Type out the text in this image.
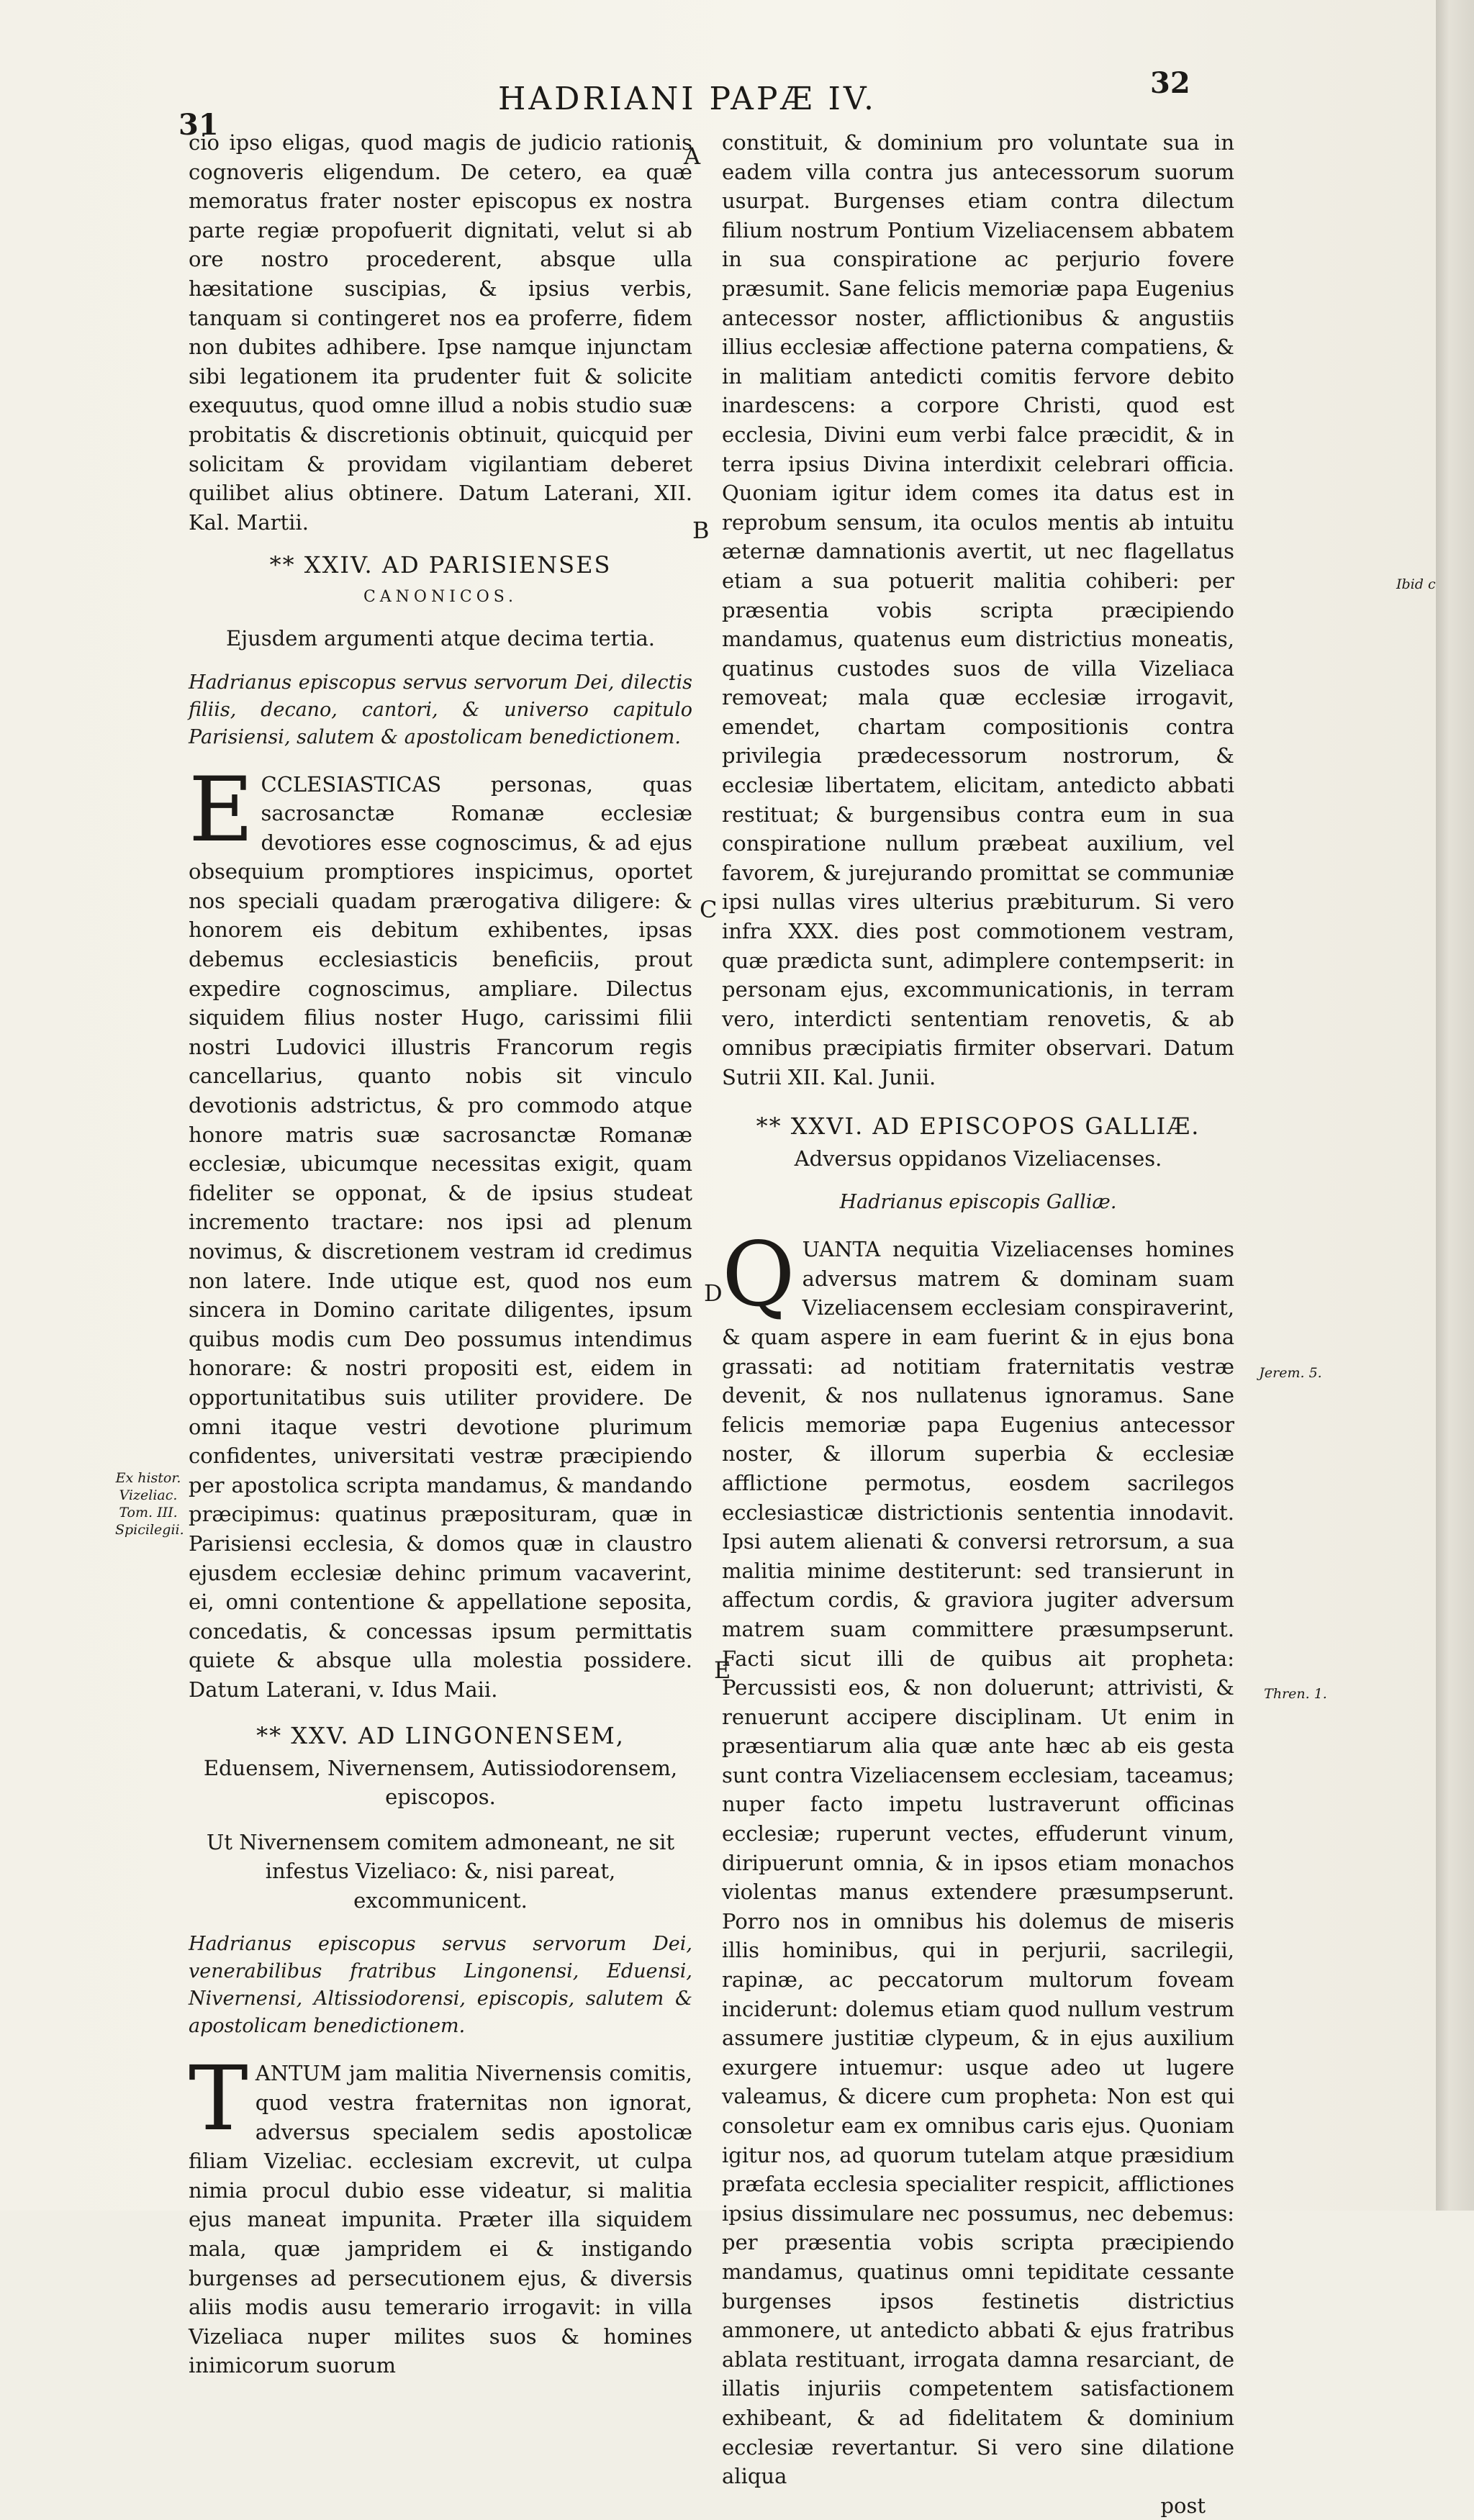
HADRIANI PAPÆ IV.
31
32
A
B
C
D
E
Ex histor. Vizeliac. Tom. III. Spicilegii.
Ibid c
Jerem. 5.
Thren. 1.

cio ipso eligas, quod magis de judicio rationis cognoveris eligendum. De cetero, ea quæ memoratus frater noster episcopus ex nostra parte regiæ propofuerit dignitati, velut si ab ore nostro procederent, absque ulla hæsitatione suscipias, & ipsius verbis, tanquam si contingeret nos ea proferre, fidem non dubites adhibere. Ipse namque injunctam sibi legationem ita prudenter fuit & solicite exequutus, quod omne illud a nobis studio suæ probitatis & discretionis obtinuit, quicquid per solicitam & providam vigilantiam deberet quilibet alius obtinere. Datum Laterani, XII. Kal. Martii.

** XXIV. AD PARISIENSES
CANONICOS.
Ejusdem argumenti atque decima tertia.
Hadrianus episcopus servus servorum Dei, dilectis filiis, decano, cantori, & universo capitulo Parisiensi, salutem & apostolicam benedictionem.

ECCLESIASTICAS personas, quas sacrosanctæ Romanæ ecclesiæ devotiores esse cognoscimus, & ad ejus obsequium promptiores inspicimus, oportet nos speciali quadam prærogativa diligere: & honorem eis debitum exhibentes, ipsas debemus ecclesiasticis beneficiis, prout expedire cognoscimus, ampliare. Dilectus siquidem filius noster Hugo, carissimi filii nostri Ludovici illustris Francorum regis cancellarius, quanto nobis sit vinculo devotionis adstrictus, & pro commodo atque honore matris suæ sacrosanctæ Romanæ ecclesiæ, ubicumque necessitas exigit, quam fideliter se opponat, & de ipsius studeat incremento tractare: nos ipsi ad plenum novimus, & discretionem vestram id credimus non latere. Inde utique est, quod nos eum sincera in Domino caritate diligentes, ipsum quibus modis cum Deo possumus intendimus honorare: & nostri propositi est, eidem in opportunitatibus suis utiliter providere. De omni itaque vestri devotione plurimum confidentes, universitati vestræ præcipiendo per apostolica scripta mandamus, & mandando præcipimus: quatinus præposituram, quæ in Parisiensi ecclesia, & domos quæ in claustro ejusdem ecclesiæ dehinc primum vacaverint, ei, omni contentione & appellatione seposita, concedatis, & concessas ipsum permittatis quiete & absque ulla molestia possidere. Datum Laterani, v. Idus Maii.

** XXV. AD LINGONENSEM,
Eduensem, Nivernensem, Autissiodorensem, episcopos.
Ut Nivernensem comitem admoneant, ne sit infestus Vizeliaco: &, nisi pareat, excommunicent.
Hadrianus episcopus servus servorum Dei, venerabilibus fratribus Lingonensi, Eduensi, Nivernensi, Altissiodorensi, episcopis, salutem & apostolicam benedictionem.

TANTUM jam malitia Nivernensis comitis, quod vestra fraternitas non ignorat, adversus specialem sedis apostolicæ filiam Vizeliac. ecclesiam excrevit, ut culpa nimia procul dubio esse videatur, si malitia ejus maneat impunita. Præter illa siquidem mala, quæ jampridem ei & instigando burgenses ad persecutionem ejus, & diversis aliis modis ausu temerario irrogavit: in villa Vizeliaca nuper milites suos & homines inimicorum suorum

constituit, & dominium pro voluntate sua in eadem villa contra jus antecessorum suorum usurpat. Burgenses etiam contra dilectum filium nostrum Pontium Vizeliacensem abbatem in sua conspiratione ac perjurio fovere præsumit. Sane felicis memoriæ papa Eugenius antecessor noster, afflictionibus & angustiis illius ecclesiæ affectione paterna compatiens, & in malitiam antedicti comitis fervore debito inardescens: a corpore Christi, quod est ecclesia, Divini eum verbi falce præcidit, & in terra ipsius Divina interdixit celebrari officia. Quoniam igitur idem comes ita datus est in reprobum sensum, ita oculos mentis ab intuitu æternæ damnationis avertit, ut nec flagellatus etiam a sua potuerit malitia cohiberi: per præsentia vobis scripta præcipiendo mandamus, quatenus eum districtius moneatis, quatinus custodes suos de villa Vizeliaca removeat; mala quæ ecclesiæ irrogavit, emendet, chartam compositionis contra privilegia prædecessorum nostrorum, & ecclesiæ libertatem, elicitam, antedicto abbati restituat; & burgensibus contra eum in sua conspiratione nullum præbeat auxilium, vel favorem, & jurejurando promittat se communiæ ipsi nullas vires ulterius præbiturum. Si vero infra XXX. dies post commotionem vestram, quæ prædicta sunt, adimplere contempserit: in personam ejus, excommunicationis, in terram vero, interdicti sententiam renovetis, & ab omnibus præcipiatis firmiter observari. Datum Sutrii XII. Kal. Junii.

** XXVI. AD EPISCOPOS GALLIÆ.
Adversus oppidanos Vizeliacenses.
Hadrianus episcopis Galliæ.

QUANTA nequitia Vizeliacenses homines adversus matrem & dominam suam Vizeliacensem ecclesiam conspiraverint, & quam aspere in eam fuerint & in ejus bona grassati: ad notitiam fraternitatis vestræ devenit, & nos nullatenus ignoramus. Sane felicis memoriæ papa Eugenius antecessor noster, & illorum superbia & ecclesiæ afflictione permotus, eosdem sacrilegos ecclesiasticæ districtionis sententia innodavit. Ipsi autem alienati & conversi retrorsum, a sua malitia minime destiterunt: sed transierunt in affectum cordis, & graviora jugiter adversum matrem suam committere præsumpserunt. Facti sicut illi de quibus ait propheta: Percussisti eos, & non doluerunt; attrivisti, & renuerunt accipere disciplinam. Ut enim in præsentiarum alia quæ ante hæc ab eis gesta sunt contra Vizeliacensem ecclesiam, taceamus; nuper facto impetu lustraverunt officinas ecclesiæ; ruperunt vectes, effuderunt vinum, diripuerunt omnia, & in ipsos etiam monachos violentas manus extendere præsumpserunt. Porro nos in omnibus his dolemus de miseris illis hominibus, qui in perjurii, sacrilegii, rapinæ, ac peccatorum multorum foveam inciderunt: dolemus etiam quod nullum vestrum assumere justitiæ clypeum, & in ejus auxilium exurgere intuemur: usque adeo ut lugere valeamus, & dicere cum propheta: Non est qui consoletur eam ex omnibus caris ejus. Quoniam igitur nos, ad quorum tutelam atque præsidium præfata ecclesia specialiter respicit, afflictiones ipsius dissimulare nec possumus, nec debemus: per præsentia vobis scripta præcipiendo mandamus, quatinus omni tepiditate cessante burgenses ipsos festinetis districtius ammonere, ut antedicto abbati & ejus fratribus ablata restituant, irrogata damna resarciant, de illatis injuriis competentem satisfactionem exhibeant, & ad fidelitatem & dominium ecclesiæ revertantur. Si vero sine dilatione aliqua

post
